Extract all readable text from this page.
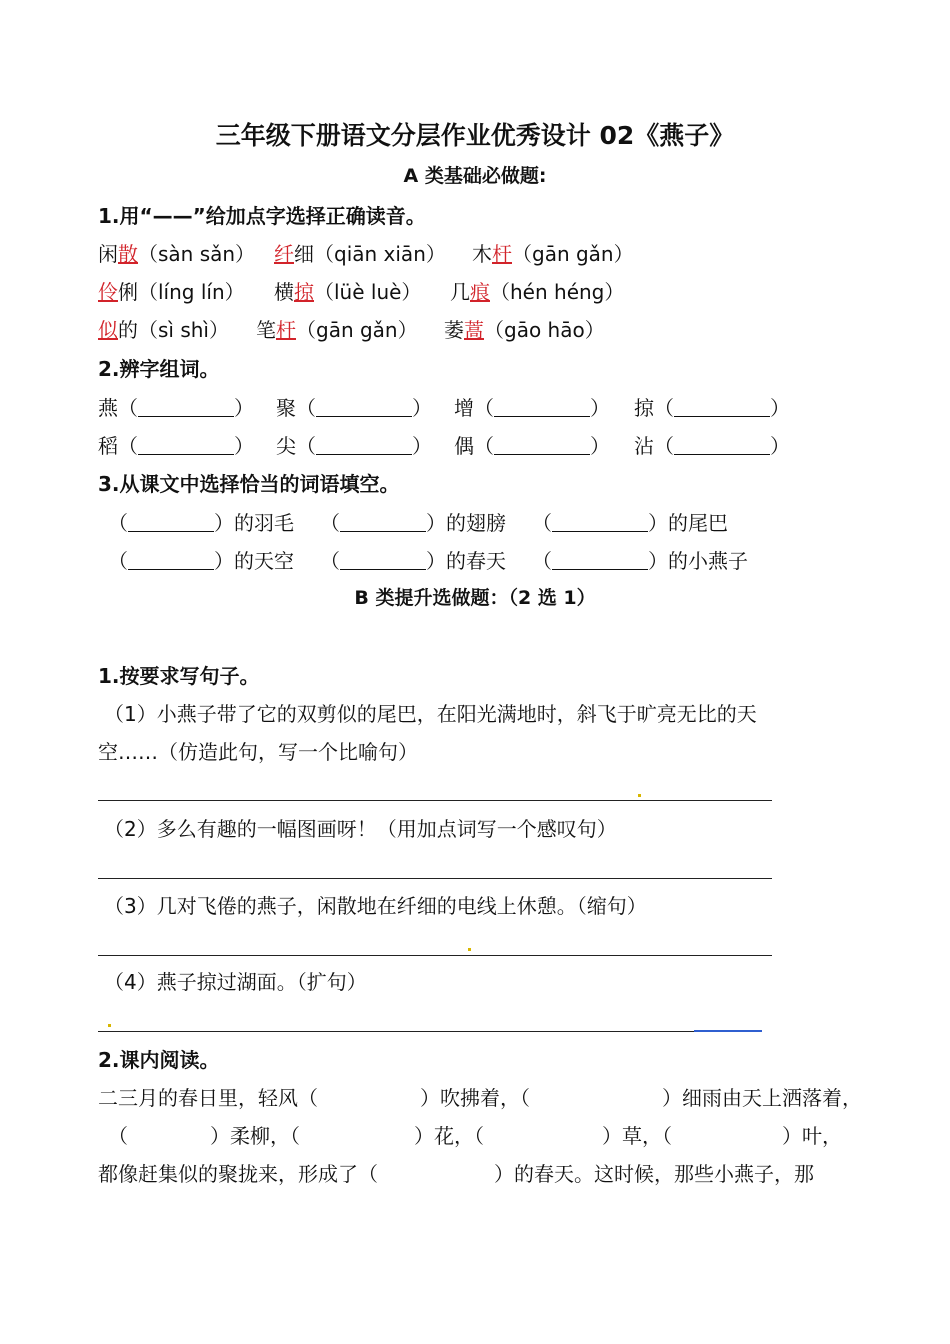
三年级下册语文分层作业优秀设计 02《燕子》
A 类基础必做题:
1.用“——”给加点字选择正确读音。
闲散（sàn sǎn） 纤细（qiān xiān） 木杆（gān gǎn）
伶俐（líng lín） 横掠（lüè luè） 几痕（hén héng）
似的（sì shì） 笔杆（gān gǎn） 萎蒿（gāo hāo）
2.辨字组词。
燕（	） 聚（	） 增（	） 掠（	）
稻（	） 尖（	） 偶（	） 沾（	）
3.从课文中选择恰当的词语填空。
（	）的羽毛 （	）的翅膀 （	）的尾巴
（	）的天空 （	）的春天 （	）的小燕子
B 类提升选做题：（2 选 1）
1.按要求写句子。
（1）小燕子带了它的双剪似的尾巴，在阳光满地时，斜飞于旷亮无比的天
空……（仿造此句，写一个比喻句）
（2）多么有趣的一幅图画呀！（用加点词写一个感叹句）
（3）几对飞倦的燕子，闲散地在纤细的电线上休憩。（缩句）
（4）燕子掠过湖面。（扩句）
2.课内阅读。
二三月的春日里，轻风（	）吹拂着，（	）细雨由天上洒落着，
（	）柔柳，（	）花，（	）草，（	）叶，
都像赶集似的聚拢来，形成了（	）的春天。这时候，那些小燕子，那
